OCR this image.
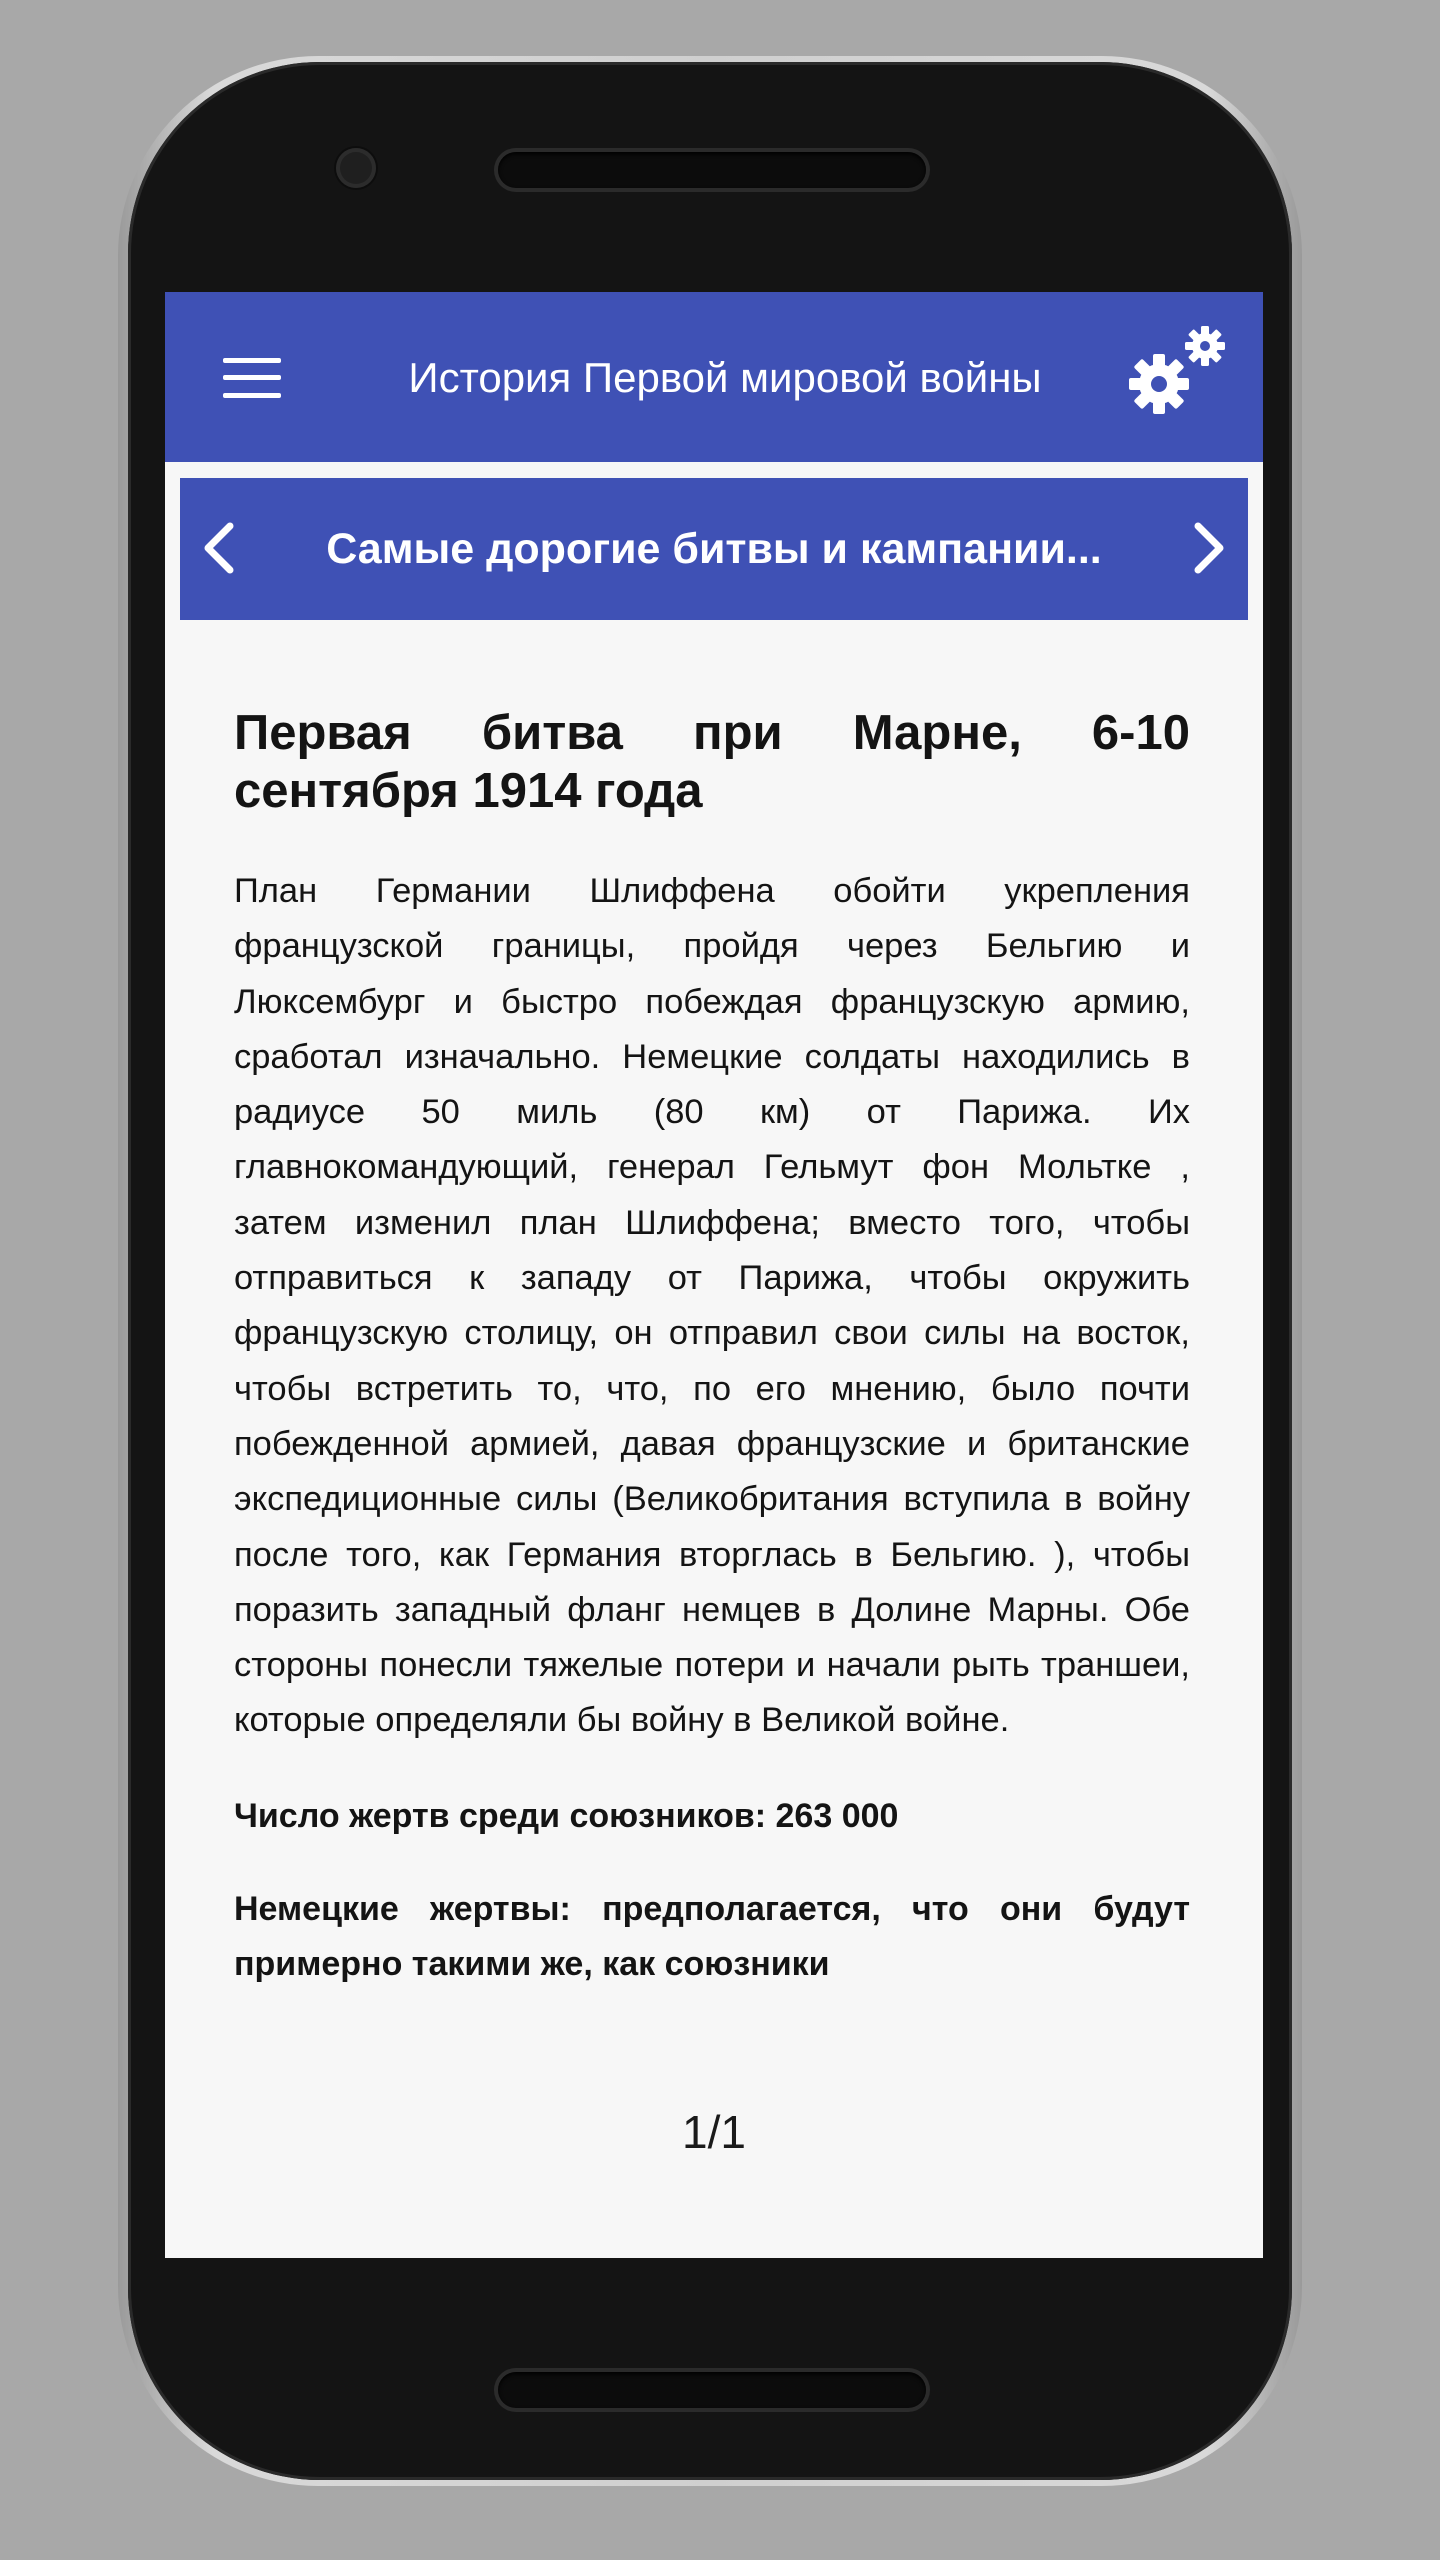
История Первой мировой войны
Самые дорогие битвы и кампании...
Первая битва при Марне, 6-10 сентября 1914 года

План Германии Шлиффена обойти укрепления французской границы, пройдя через Бельгию и Люксембург и быстро побеждая французскую армию, сработал изначально. Немецкие солдаты находились в радиусе 50 миль (80 км) от Парижа. Их главнокомандующий, генерал Гельмут фон Мольтке , затем изменил план Шлиффена; вместо того, чтобы отправиться к западу от Парижа, чтобы окружить французскую столицу, он отправил свои силы на восток, чтобы встретить то, что, по его мнению, было почти побежденной армией, давая французские и британские экспедиционные силы (Великобритания вступила в войну после того, как Германия вторглась в Бельгию. ), чтобы поразить западный фланг немцев в Долине Марны. Обе стороны понесли тяжелые потери и начали рыть траншеи, которые определяли бы войну в Великой войне.

Число жертв среди союзников: 263 000

Немецкие жертвы: предполагается, что они будут примерно такими же, как союзники

1/1
